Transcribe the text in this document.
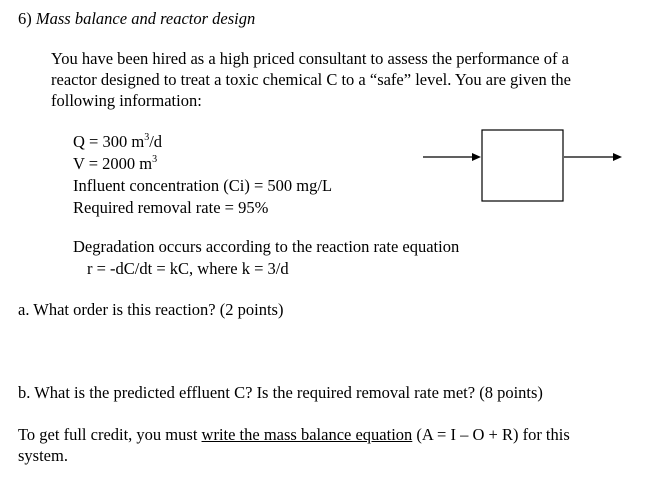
6) Mass balance and reactor design

You have been hired as a high priced consultant to assess the performance of a

reactor designed to treat a toxic chemical C to a “safe” level. You are given the

following information:

Q = 300 $m^3/d$
V = 2000 $m^3$
Influent concentration (Ci) = 500 mg/L
Required removal rate = 95%
Degradation occurs according to the reaction rate equation
r = -dC/dt = kC, where k = 3/d
a. What order is this reaction? (2 points)
b. What is the predicted effluent C? Is the required removal rate met? (8 points)

To get full credit, you must write the mass balance equation (A = I – O + R) for this

system.
